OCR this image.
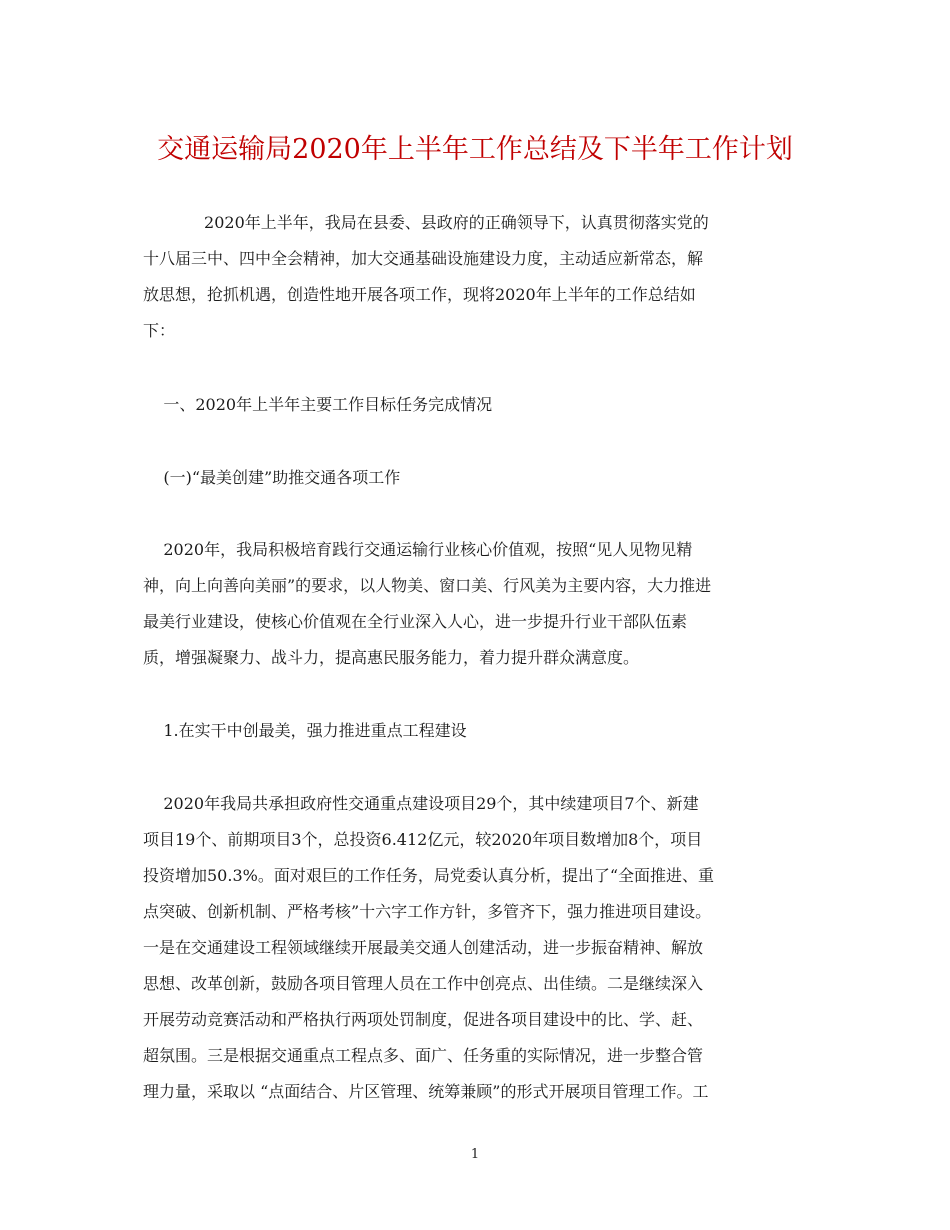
交通运输局2020年上半年工作总结及下半年工作计划
2020年上半年，我局在县委、县政府的正确领导下，认真贯彻落实党的
十八届三中、四中全会精神，加大交通基础设施建设力度，主动适应新常态，解
放思想，抢抓机遇，创造性地开展各项工作，现将2020年上半年的工作总结如
下：
一、2020年上半年主要工作目标任务完成情况
(一)“最美创建”助推交通各项工作
2020年，我局积极培育践行交通运输行业核心价值观，按照“见人见物见精
神，向上向善向美丽”的要求，以人物美、窗口美、行风美为主要内容，大力推进
最美行业建设，使核心价值观在全行业深入人心，进一步提升行业干部队伍素
质，增强凝聚力、战斗力，提高惠民服务能力，着力提升群众满意度。
1.在实干中创最美，强力推进重点工程建设
2020年我局共承担政府性交通重点建设项目29个，其中续建项目7个、新建
项目19个、前期项目3个，总投资6.412亿元，较2020年项目数增加8个，项目
投资增加50.3%。面对艰巨的工作任务，局党委认真分析，提出了“全面推进、重
点突破、创新机制、严格考核”十六字工作方针，多管齐下，强力推进项目建设。
一是在交通建设工程领域继续开展最美交通人创建活动，进一步振奋精神、解放
思想、改革创新，鼓励各项目管理人员在工作中创亮点、出佳绩。二是继续深入
开展劳动竞赛活动和严格执行两项处罚制度，促进各项目建设中的比、学、赶、
超氛围。三是根据交通重点工程点多、面广、任务重的实际情况，进一步整合管
理力量，采取以 “点面结合、片区管理、统筹兼顾”的形式开展项目管理工作。工
1
